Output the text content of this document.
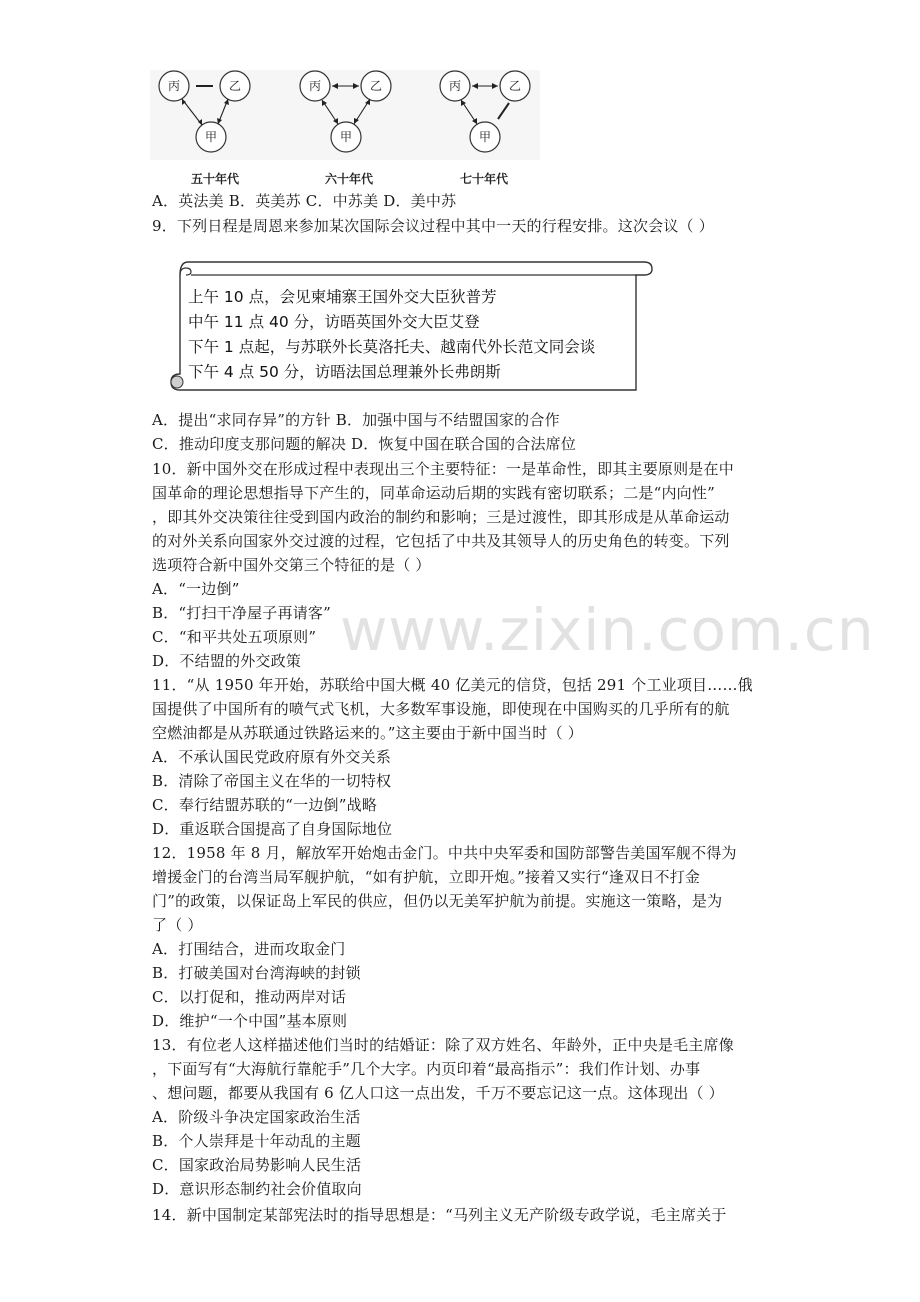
丙	乙
甲
五十年代
丙	乙
甲
六十年代
丙	乙
甲
七十年代
A．英法美 B．英美苏 C．中苏美 D．美中苏
9．下列日程是周恩来参加某次国际会议过程中其中一天的行程安排。这次会议（ ）
上午 10 点，会见柬埔寨王国外交大臣狄普芳
中午 11 点 40 分，访晤英国外交大臣艾登
下午 1 点起，与苏联外长莫洛托夫、越南代外长范文同会谈
下午 4 点 50 分，访晤法国总理兼外长弗朗斯
A．提出“求同存异”的方针 B．加强中国与不结盟国家的合作
C．推动印度支那问题的解决 D．恢复中国在联合国的合法席位
10．新中国外交在形成过程中表现出三个主要特征：一是革命性，即其主要原则是在中
国革命的理论思想指导下产生的，同革命运动后期的实践有密切联系；二是“内向性”
，即其外交决策往往受到国内政治的制约和影响；三是过渡性，即其形成是从革命运动
的对外关系向国家外交过渡的过程，它包括了中共及其领导人的历史角色的转变。下列
选项符合新中国外交第三个特征的是（ ）
A．“一边倒”
B．“打扫干净屋子再请客”
C．“和平共处五项原则”
D．不结盟的外交政策 www.zixin.com.cn
11．“从 1950 年开始，苏联给中国大概 40 亿美元的信贷，包括 291 个工业项目……俄
国提供了中国所有的喷气式飞机，大多数军事设施，即使现在中国购买的几乎所有的航
空燃油都是从苏联通过铁路运来的。”这主要由于新中国当时（ ）
A．不承认国民党政府原有外交关系
B．清除了帝国主义在华的一切特权
C．奉行结盟苏联的“一边倒”战略
D．重返联合国提高了自身国际地位
12．1958 年 8 月，解放军开始炮击金门。中共中央军委和国防部警告美国军舰不得为
增援金门的台湾当局军舰护航，“如有护航，立即开炮。”接着又实行“逢双日不打金
门”的政策，以保证岛上军民的供应，但仍以无美军护航为前提。实施这一策略，是为
了（ ）
A．打围结合，进而攻取金门
B．打破美国对台湾海峡的封锁
C．以打促和，推动两岸对话
D．维护“一个中国”基本原则
13．有位老人这样描述他们当时的结婚证：除了双方姓名、年龄外，正中央是毛主席像
，下面写有“大海航行靠舵手”几个大字。内页印着“最高指示”：我们作计划、办事
、想问题，都要从我国有 6 亿人口这一点出发，千万不要忘记这一点。这体现出（ ）
A．阶级斗争决定国家政治生活
B．个人崇拜是十年动乱的主题
C．国家政治局势影响人民生活
D．意识形态制约社会价值取向
14．新中国制定某部宪法时的指导思想是：“马列主义无产阶级专政学说，毛主席关于
